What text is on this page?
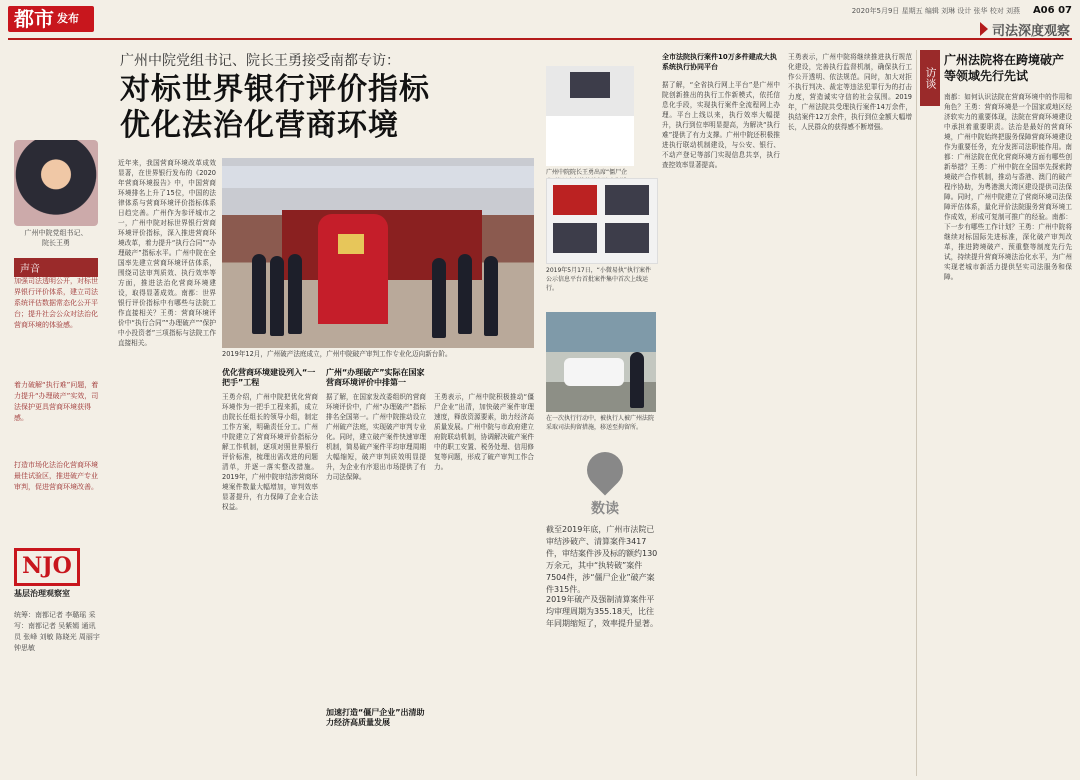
都市 $^{发布}$
2020年5月9日 星期五 编辑 刘琳 设计 张华 校对 刘燕 A06 07
司法深度观察
广州中院党组书记、院长王勇接受南都专访：
对标世界银行评价指标
优化法治化营商环境
广州中院党组书记、
院长王勇
声音
加强司法透明公开，对标世界银行评价体系，建立司法系统评估数据常态化公开平台；提升社会公众对法治化营商环境的体验感。
着力破解“执行难”问题，着力提升“办理破产”实效，司法保护更具营商环境获得感。
打造市场化法治化营商环境最佳试验区，推进破产专业审判，促进营商环境改善。
NJO
基层治理观察室
统筹：南都记者 李璐瑶 采写：南都记者 吴紫嫣 通讯员 张峰 刘敏 陈晓光 周丽宇 钟思敏
近年来，我国营商环境改革成效显著，在世界银行发布的《2020年营商环境报告》中，中国营商环境排名上升了15位，中国的法律体系与营商环境评价指标体系日趋完善。广州作为参评城市之一，广州中院对标世界银行营商环境评价指标，深入推进营商环境改革，着力提升“执行合同”“办理破产”指标水平。广州中院在全国率先建立营商环境评估体系，围绕司法审判质效、执行效率等方面，推进法治化营商环境建设，取得显著成效。南都：世界银行评价指标中有哪些与法院工作直接相关？王勇：营商环境评价中“执行合同”“办理破产”“保护中小投资者”三项指标与法院工作直接相关。
2019年12月，广州破产法庭成立，广州中院破产审判工作专业化迈向新台阶。
优化营商环境建设列入“一把手”工程
王勇介绍，广州中院把优化营商环境作为一把手工程来抓，成立由院长任组长的领导小组，制定工作方案，明确责任分工。广州中院建立了营商环境评价指标分解工作机制，逐项对照世界银行评价标准，梳理出需改进的问题清单，并逐一落实整改措施。2019年，广州中院审结涉营商环境案件数量大幅增加，审判效率显著提升，有力保障了企业合法权益。
广州“办理破产”实际在国家营商环境评价中排第一
据了解，在国家发改委组织的营商环境评价中，广州“办理破产”指标排名全国第一。广州中院推动设立广州破产法庭，实现破产审判专业化。同时，建立破产案件快速审理机制，简易破产案件平均审理周期大幅缩短，破产审判质效明显提升，为企业有序退出市场提供了有力司法保障。
加速打造“僵尸企业”出清助力经济高质量发展
王勇表示，广州中院积极推动“僵尸企业”出清，加快破产案件审理速度，释放资源要素，助力经济高质量发展。广州中院与市政府建立府院联动机制，协调解决破产案件中的职工安置、税务处理、信用修复等问题，形成了破产审判工作合力。
广州中院院长王勇出席“僵尸企
2019年5月17日，“小微易执”执行案件公示信息平台首批案件集中首次上线运行。
在一次执行行动中，被执行人被广州法院采取司法拘留措施，移送至拘留所。
数读
截至2019年底，广州市法院已审结涉破产、清算案件3417件，审结案件涉及标的额约130万余元，其中“执转破”案件7504件，涉“僵尸企业”破产案件315件。
2019年破产及强制清算案件平均审理周期为355.18天，比往年同期缩短了，效率提升显著。
全市法院执行案件10万多件建成大执系统执行协同平台
据了解，“全省执行网上平台”是广州中院创新推出的执行工作新模式，依托信息化手段，实现执行案件全流程网上办理。平台上线以来，执行效率大幅提升，执行到位率明显提高，为解决“执行难”提供了有力支撑。广州中院还积极推进执行联动机制建设，与公安、银行、不动产登记等部门实现信息共享，执行查控效率显著提高。
王勇表示，广州中院将继续推进执行规范化建设，完善执行监督机制，确保执行工作公开透明、依法规范。同时，加大对拒不执行判决、裁定等违法犯罪行为的打击力度，营造诚实守信的社会氛围。2019年，广州法院共受理执行案件14万余件，执结案件12万余件，执行到位金额大幅增长，人民群众的获得感不断增强。
访谈
广州法院将在跨境破产等领域先行先试
南都：如何认识法院在营商环境中的作用和角色？王勇：营商环境是一个国家或地区经济软实力的重要体现，法院在营商环境建设中承担着重要职责。法治是最好的营商环境，广州中院始终把服务保障营商环境建设作为重要任务，充分发挥司法职能作用。南都：广州法院在优化营商环境方面有哪些创新举措？王勇：广州中院在全国率先探索跨境破产合作机制，推动与香港、澳门的破产程序协助，为粤港澳大湾区建设提供司法保障。同时，广州中院建立了营商环境司法保障评估体系，量化评价法院服务营商环境工作成效，形成可复制可推广的经验。南都：下一步有哪些工作计划？王勇：广州中院将继续对标国际先进标准，深化破产审判改革，推进跨境破产、预重整等制度先行先试，持续提升营商环境法治化水平，为广州实现老城市新活力提供坚实司法服务和保障。
